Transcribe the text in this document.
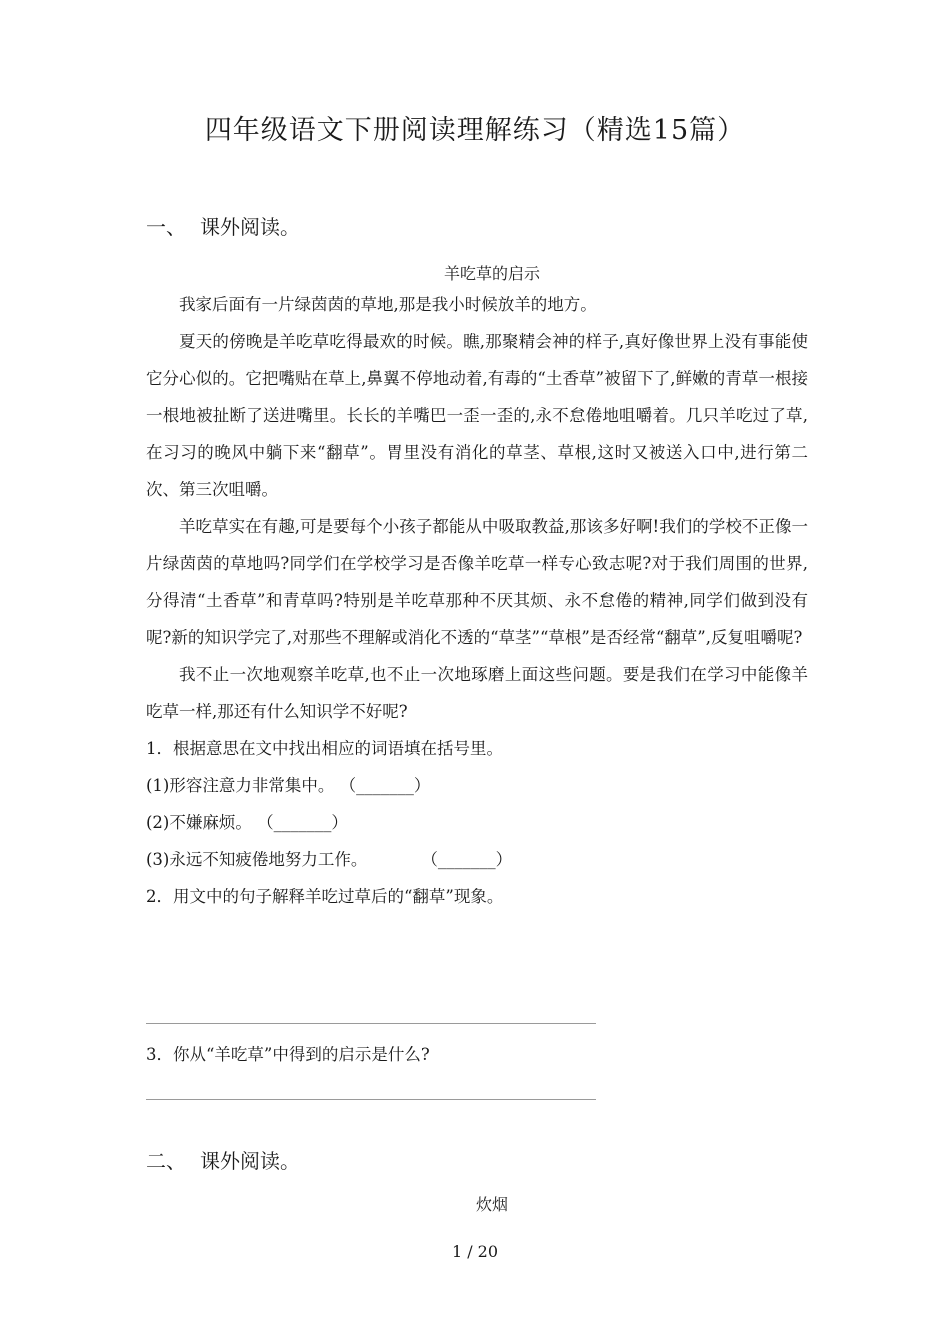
四年级语文下册阅读理解练习（精选15篇）
一、 课外阅读。
羊吃草的启示

我家后面有一片绿茵茵的草地,那是我小时候放羊的地方。

夏天的傍晚是羊吃草吃得最欢的时候。瞧,那聚精会神的样子,真好像世界上没有事能使它分心似的。它把嘴贴在草上,鼻翼不停地动着,有毒的“土香草”被留下了,鲜嫩的青草一根接一根地被扯断了送进嘴里。长长的羊嘴巴一歪一歪的,永不怠倦地咀嚼着。几只羊吃过了草,在习习的晚风中躺下来“翻草”。胃里没有消化的草茎、草根,这时又被送入口中,进行第二次、第三次咀嚼。

羊吃草实在有趣,可是要每个小孩子都能从中吸取教益,那该多好啊!我们的学校不正像一片绿茵茵的草地吗?同学们在学校学习是否像羊吃草一样专心致志呢?对于我们周围的世界,分得清“土香草”和青草吗?特别是羊吃草那种不厌其烦、永不怠倦的精神,同学们做到没有呢?新的知识学完了,对那些不理解或消化不透的“草茎”“草根”是否经常“翻草”,反复咀嚼呢?

我不止一次地观察羊吃草,也不止一次地琢磨上面这些问题。要是我们在学习中能像羊吃草一样,那还有什么知识学不好呢?

1．根据意思在文中找出相应的词语填在括号里。

(1)形容注意力非常集中。 （_______）

(2)不嫌麻烦。 （_______）

(3)永远不知疲倦地努力工作。	（_______）

2．用文中的句子解释羊吃过草后的“翻草”现象。

3．你从“羊吃草”中得到的启示是什么?

二、 课外阅读。
炊烟
1 / 20
